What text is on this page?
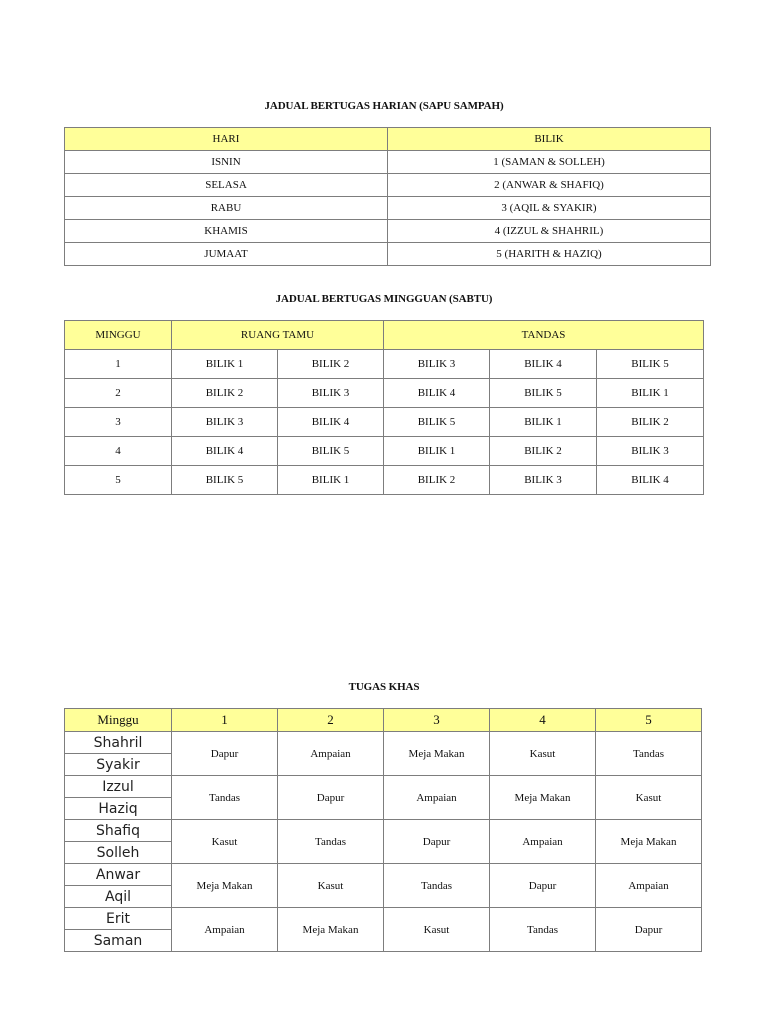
JADUAL BERTUGAS HARIAN (SAPU SAMPAH)
HARI	BILIK
ISNIN	1 (SAMAN & SOLLEH)
SELASA	2 (ANWAR & SHAFIQ)
RABU	3 (AQIL & SYAKIR)
KHAMIS	4 (IZZUL & SHAHRIL)
JUMAAT	5 (HARITH & HAZIQ)
JADUAL BERTUGAS MINGGUAN (SABTU)
MINGGU	RUANG TAMU		TANDAS		
1	BILIK 1	BILIK 2	BILIK 3	BILIK 4	BILIK 5
2	BILIK 2	BILIK 3	BILIK 4	BILIK 5	BILIK 1
3	BILIK 3	BILIK 4	BILIK 5	BILIK 1	BILIK 2
4	BILIK 4	BILIK 5	BILIK 1	BILIK 2	BILIK 3
5	BILIK 5	BILIK 1	BILIK 2	BILIK 3	BILIK 4
TUGAS KHAS
Minggu	1	2	3	4	5
Shahril	Dapur	Ampaian	Meja Makan	Kasut	Tandas
Syakir					
Izzul	Tandas	Dapur	Ampaian	Meja Makan	Kasut
Haziq					
Shafiq	Kasut	Tandas	Dapur	Ampaian	Meja Makan
Solleh					
Anwar	Meja Makan	Kasut	Tandas	Dapur	Ampaian
Aqil					
Erit	Ampaian	Meja Makan	Kasut	Tandas	Dapur
Saman					
